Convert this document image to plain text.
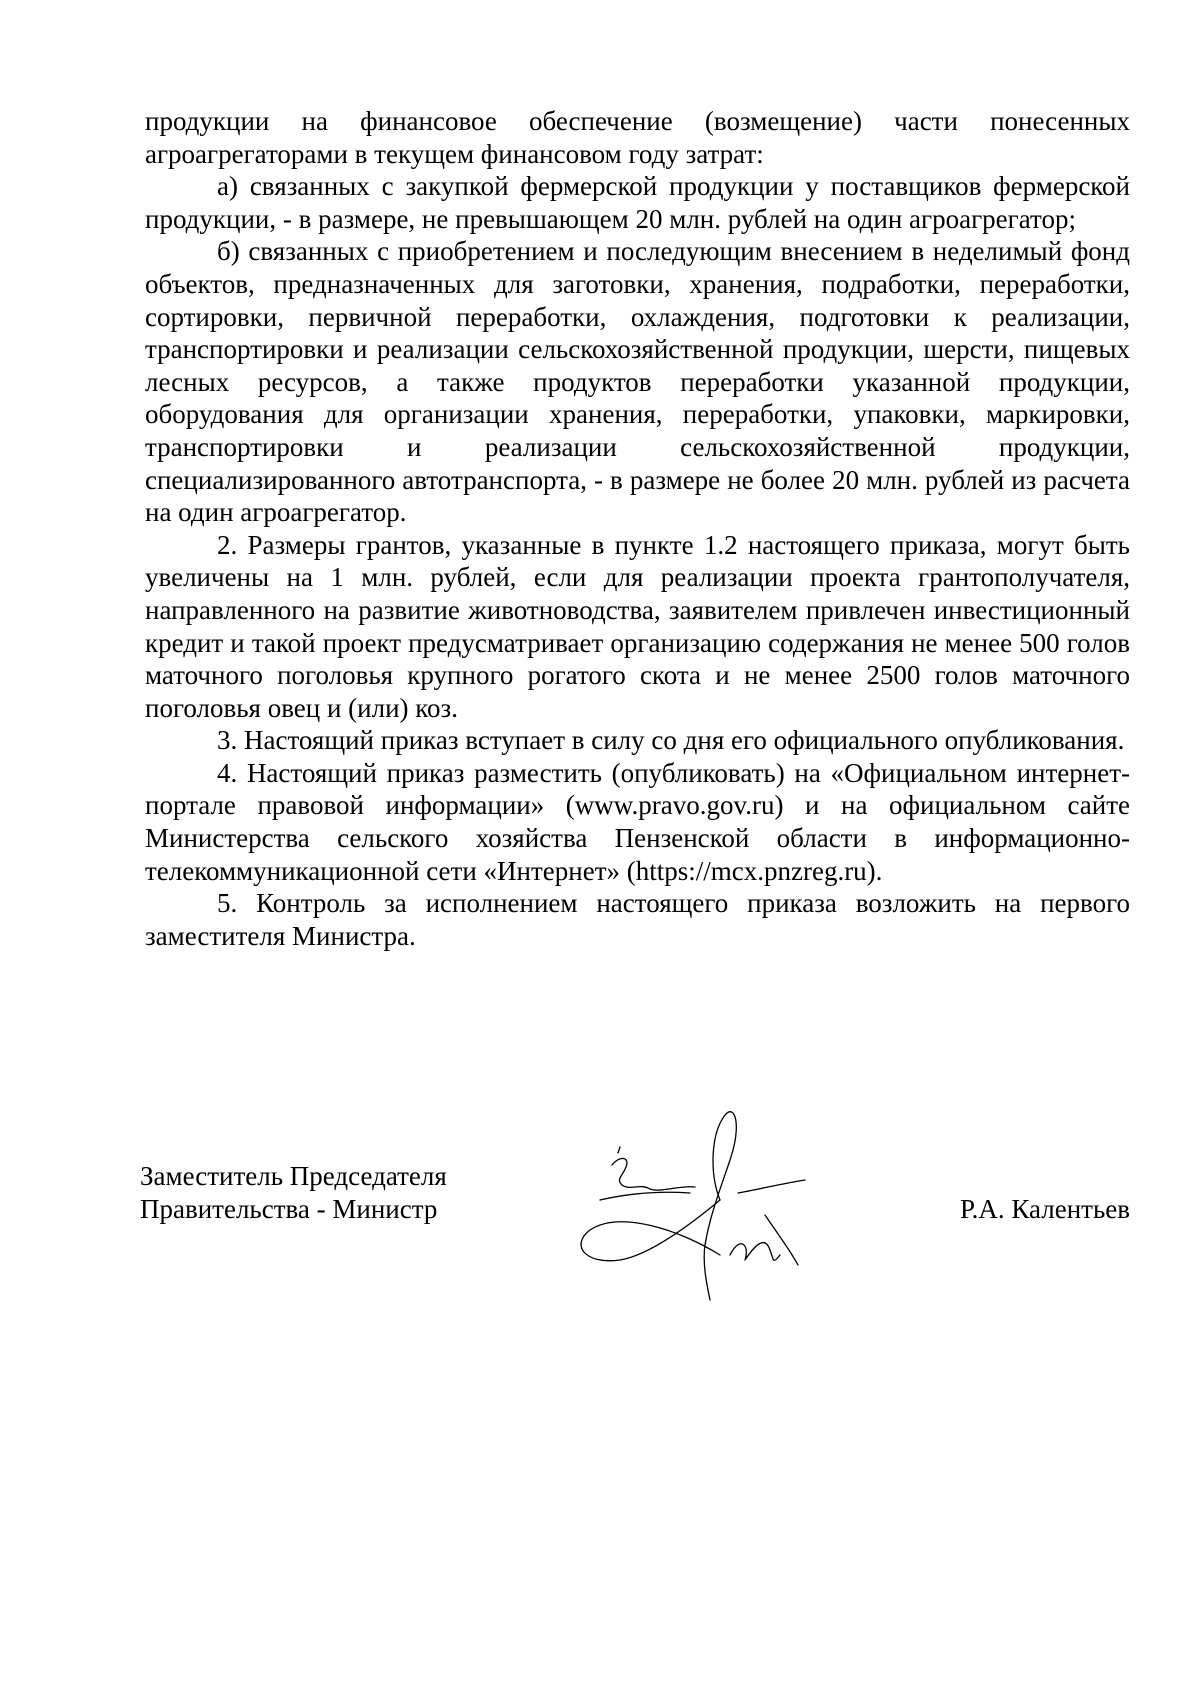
продукции на финансовое обеспечение (возмещение) части понесенных агроагрегаторами в текущем финансовом году затрат:

а) связанных с закупкой фермерской продукции у поставщиков фермерской продукции, - в размере, не превышающем 20 млн. рублей на один агроагрегатор;

б) связанных с приобретением и последующим внесением в неделимый фонд объектов, предназначенных для заготовки, хранения, подработки, переработки, сортировки, первичной переработки, охлаждения, подготовки к реализации, транспортировки и реализации сельскохозяйственной продукции, шерсти, пищевых лесных ресурсов, а также продуктов переработки указанной продукции, оборудования для организации хранения, переработки, упаковки, маркировки, транспортировки и реализации сельскохозяйственной продукции, специализированного автотранспорта, - в размере не более 20 млн. рублей из расчета на один агроагрегатор.

2. Размеры грантов, указанные в пункте 1.2 настоящего приказа, могут быть увеличены на 1 млн. рублей, если для реализации проекта грантополучателя, направленного на развитие животноводства, заявителем привлечен инвестиционный кредит и такой проект предусматривает организацию содержания не менее 500 голов маточного поголовья крупного рогатого скота и не менее 2500 голов маточного поголовья овец и (или) коз.

3. Настоящий приказ вступает в силу со дня его официального опубликования.

4. Настоящий приказ разместить (опубликовать) на «Официальном интернет-портале правовой информации» (www.pravo.gov.ru) и на официальном сайте Министерства сельского хозяйства Пензенской области в информационно-телекоммуникационной сети «Интернет» (https://mcx.pnzreg.ru).

5. Контроль за исполнением настоящего приказа возложить на первого заместителя Министра.

Заместитель Председателя
Правительства - Министр	Р.А. Калентьев
